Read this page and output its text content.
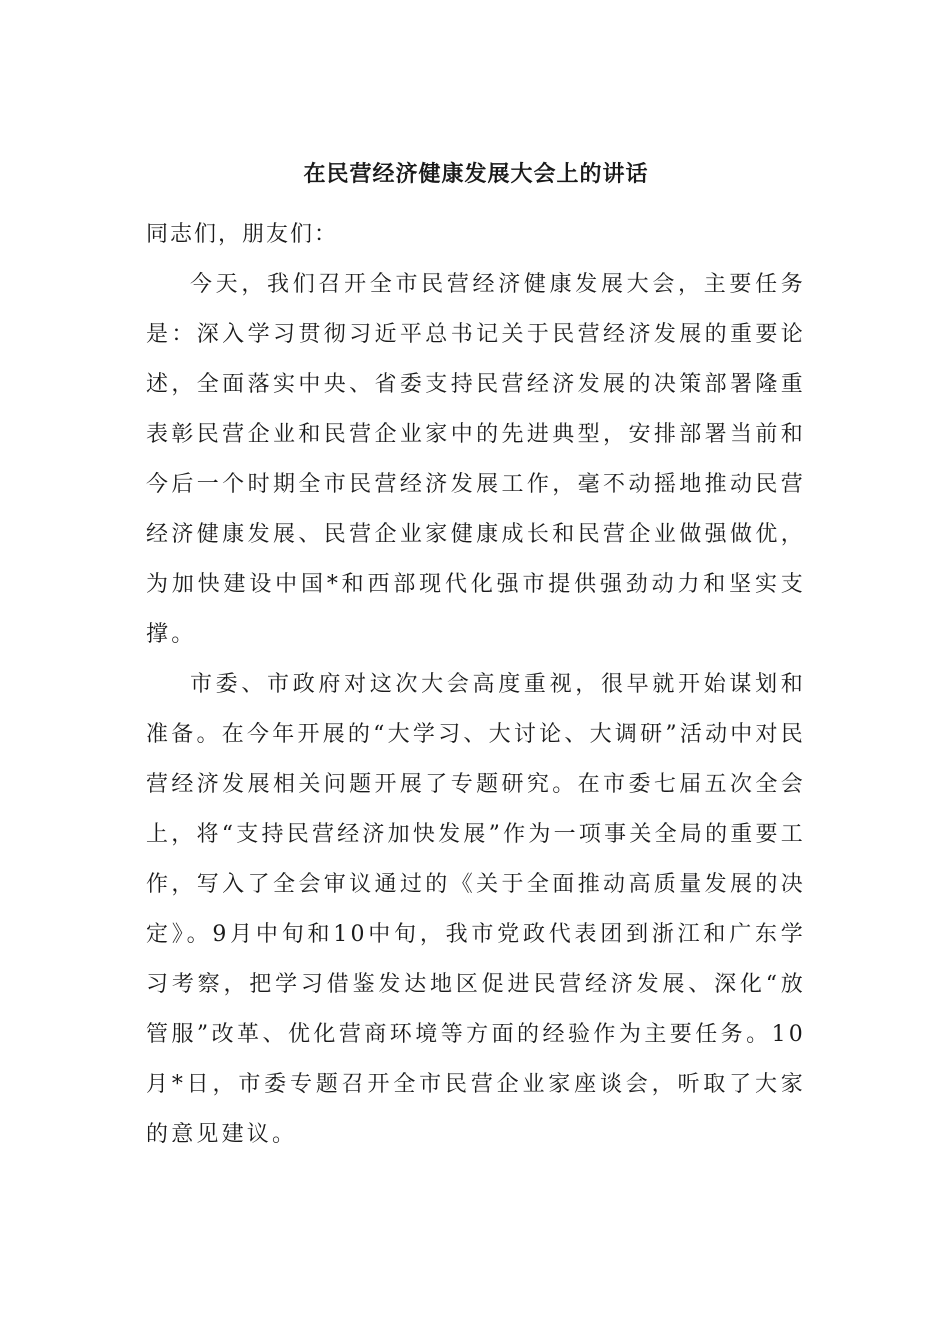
在民营经济健康发展大会上的讲话

同志们，朋友们：

今天，我们召开全市民营经济健康发展大会，主要任务是：深入学习贯彻习近平总书记关于民营经济发展的重要论述，全面落实中央、省委支持民营经济发展的决策部署隆重表彰民营企业和民营企业家中的先进典型，安排部署当前和今后一个时期全市民营经济发展工作，毫不动摇地推动民营经济健康发展、民营企业家健康成长和民营企业做强做优，为加快建设中国*和西部现代化强市提供强劲动力和坚实支撑。

市委、市政府对这次大会高度重视，很早就开始谋划和准备。在今年开展的“大学习、大讨论、大调研”活动中对民营经济发展相关问题开展了专题研究。在市委七届五次全会上，将“支持民营经济加快发展”作为一项事关全局的重要工作，写入了全会审议通过的《关于全面推动高质量发展的决定》。9月中旬和10中旬，我市党政代表团到浙江和广东学习考察，把学习借鉴发达地区促进民营经济发展、深化“放管服”改革、优化营商环境等方面的经验作为主要任务。10月*日，市委专题召开全市民营企业家座谈会，听取了大家的意见建议。
